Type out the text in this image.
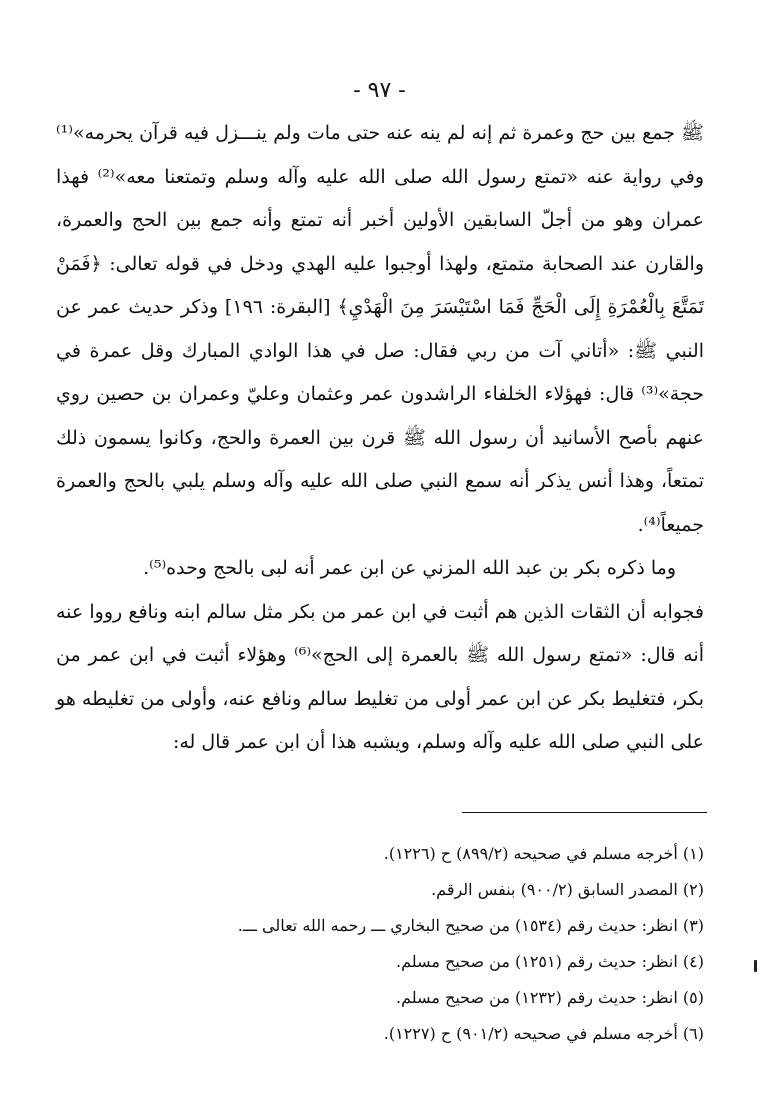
- ٩٧ -

ﷺ جمع بين حج وعمرة ثم إنه لم ينه عنه حتى مات ولم ينـــزل فيه قرآن يحرمه»⁽¹⁾ وفي رواية عنه «تمتع رسول الله صلى الله عليه وآله وسلم وتمتعنا معه»⁽²⁾ فهذا عمران وهو من أجلّ السابقين الأولين أخبر أنه تمتع وأنه جمع بين الحج والعمرة، والقارن عند الصحابة متمتع، ولهذا أوجبوا عليه الهدي ودخل في قوله تعالى: ﴿فَمَنْ تَمَتَّعَ بِالْعُمْرَةِ إِلَى الْحَجِّ فَمَا اسْتَيْسَرَ مِنَ الْهَدْيِ﴾ [البقرة: ١٩٦] وذكر حديث عمر عن النبي ﷺ: «أتاني آت من ربي فقال: صل في هذا الوادي المبارك وقل عمرة في حجة»⁽³⁾ قال: فهؤلاء الخلفاء الراشدون عمر وعثمان وعليّ وعمران بن حصين روي عنهم بأصح الأسانيد أن رسول الله ﷺ قرن بين العمرة والحج، وكانوا يسمون ذلك تمتعاً، وهذا أنس يذكر أنه سمع النبي صلى الله عليه وآله وسلم يلبي بالحج والعمرة جميعاً⁽⁴⁾.

وما ذكره بكر بن عبد الله المزني عن ابن عمر أنه لبى بالحج وحده⁽⁵⁾.

فجوابه أن الثقات الذين هم أثبت في ابن عمر من بكر مثل سالم ابنه ونافع رووا عنه أنه قال: «تمتع رسول الله ﷺ بالعمرة إلى الحج»⁽⁶⁾ وهؤلاء أثبت في ابن عمر من بكر، فتغليط بكر عن ابن عمر أولى من تغليط سالم ونافع عنه، وأولى من تغليطه هو على النبي صلى الله عليه وآله وسلم، ويشبه هذا أن ابن عمر قال له:

(١) أخرجه مسلم في صحيحه (٨٩٩/٢) ح (١٢٢٦).
(٢) المصدر السابق (٩٠٠/٢) بنفس الرقم.
(٣) انظر: حديث رقم (١٥٣٤) من صحيح البخاري ـــ رحمه الله تعالى ـــ.
(٤) انظر: حديث رقم (١٢٥١) من صحيح مسلم.
(٥) انظر: حديث رقم (١٢٣٢) من صحيح مسلم.
(٦) أخرجه مسلم في صحيحه (٩٠١/٢) ح (١٢٢٧).
